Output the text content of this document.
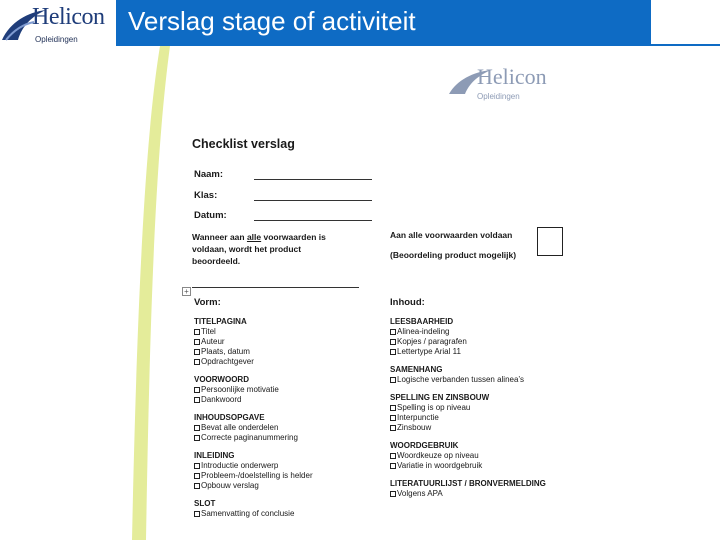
Helicon
Opleidingen
Verslag stage of activiteit
Helicon
Opleidingen
Checklist verslag
Naam:
Klas:
Datum:
Wanneer aan alle voorwaarden is
voldaan, wordt het product
beoordeeld.
Aan alle voorwaarden voldaan
(Beoordeling product mogelijk)
+
Vorm:	Inhoud:
TITELPAGINA
Titel
Auteur
Plaats, datum
Opdrachtgever
VOORWOORD
Persoonlijke motivatie
Dankwoord
INHOUDSOPGAVE
Bevat alle onderdelen
Correcte paginanummering
INLEIDING
Introductie onderwerp
Probleem-/doelstelling is helder
Opbouw verslag
SLOT
Samenvatting of conclusie
LEESBAARHEID
Alinea-indeling
Kopjes / paragrafen
Lettertype Arial 11
SAMENHANG
Logische verbanden tussen alinea’s
SPELLING EN ZINSBOUW
Spelling is op niveau
Interpunctie
Zinsbouw
WOORDGEBRUIK
Woordkeuze op niveau
Variatie in woordgebruik
LITERATUURLIJST / BRONVERMELDING
Volgens APA
